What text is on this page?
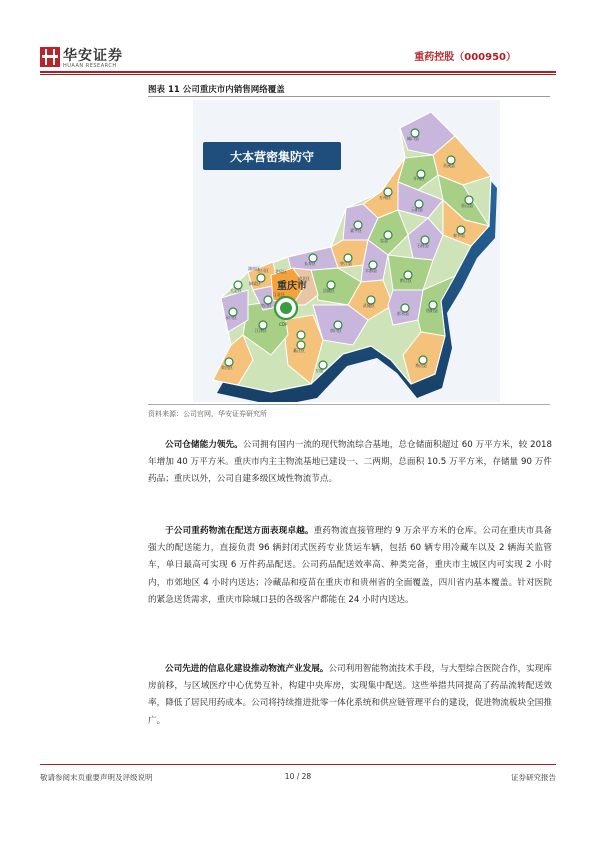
华安证券
HUAAN RESEARCH
重药控股（000950）
图表 11 公司重庆市内销售网络覆盖
大本营密集防守
重庆市
CDP
城口县
巫溪县
开州区
云阳县
奉节县
巫山县
万州区
梁平区
垫江县
长寿区
涪陵区
石柱县
丰都县
忠县
武隆区
黔江区
彭水县
酉阳县
秀山县
南川区
綦江区
江津区
永川区
荣昌区
大足区
潼南区
合川区
铜梁区
璧山区
北碚区
渝北区
江北区
万盛
资料来源：公司官网，华安证券研究所

公司仓储能力领先。公司拥有国内一流的现代物流综合基地，总仓储面积超过 60 万平方米，较 2018 年增加 40 万平方米。重庆市内主主物流基地已建设一、二两期，总面积 10.5 万平方米，存储量 90 万件药品；重庆以外，公司自建多级区域性物流节点。

于公司重药物流在配送方面表现卓越。重药物流直接管理约 9 万余平方米的仓库。公司在重庆市具备强大的配送能力，直接负责 96 辆封闭式医药专业货运车辆，包括 60 辆专用冷藏车以及 2 辆海关监管车，单日最高可实现 6 万件药品配送。公司药品配送效率高、种类完备，重庆市主城区内可实现 2 小时内，市郊地区 4 小时内送达；冷藏品和疫苗在重庆市和贵州省的全面覆盖，四川省内基本覆盖。针对医院的紧急送货需求，重庆市除城口县的各级客户都能在 24 小时内送达。

公司先进的信息化建设推动物流产业发展。公司利用智能物流技术手段，与大型综合医院合作，实现库房前移，与区域医疗中心优势互补，构建中央库房，实现集中配送。这些举措共同提高了药品流转配送效率，降低了居民用药成本。公司将持续推进批零一体化系统和供应链管理平台的建设，促进物流板块全国推广。

敬请参阅末页重要声明及评级说明	10 / 28	证券研究报告
